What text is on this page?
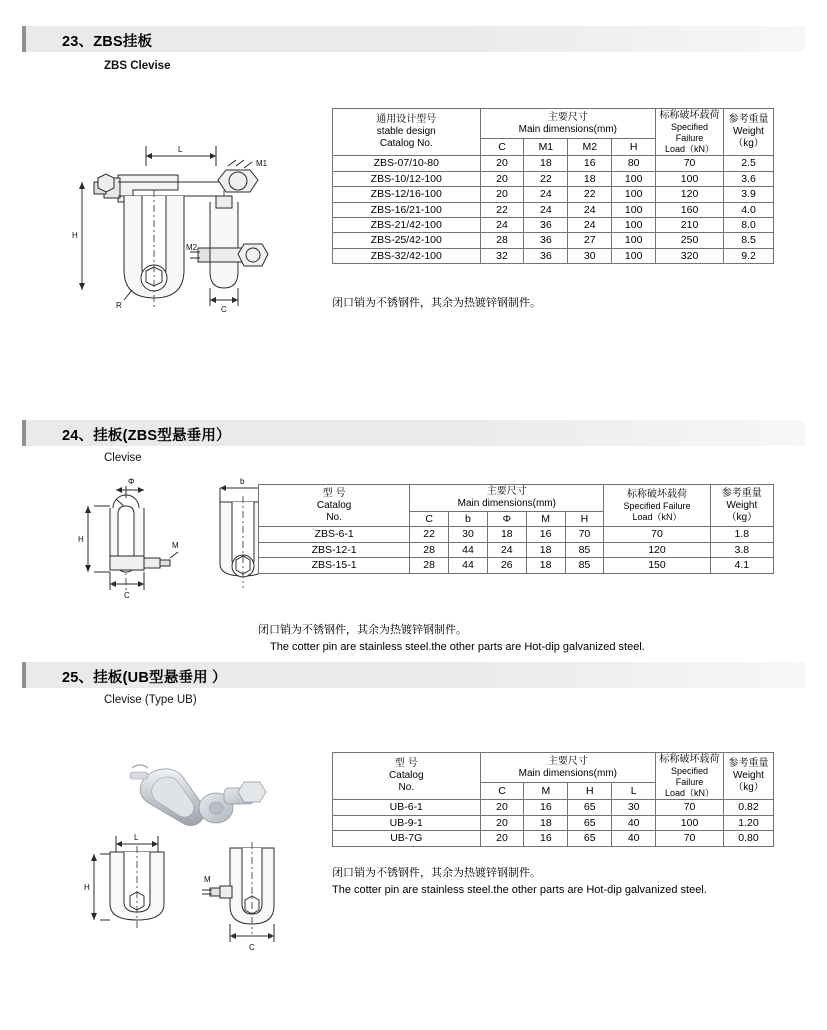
23、ZBS挂板
ZBS Clevise
L
M1
H
M2
R	C
通用设计型号
stable design
Catalog No.

主要尺寸
Main dimensions(mm)

标称破坏载荷
Specified Failure
Load（kN）

参考重量
Weight
（kg）

	C	M1	M2	H		
ZBS-07/10-80	20	18	16	80	70	2.5
ZBS-10/12-100	20	22	18	100	100	3.6
ZBS-12/16-100	20	24	22	100	120	3.9
ZBS-16/21-100	22	24	24	100	160	4.0
ZBS-21/42-100	24	36	24	100	210	8.0
ZBS-25/42-100	28	36	27	100	250	8.5
ZBS-32/42-100	32	36	30	100	320	9.2
闭口销为不锈钢件，其余为热镀锌钢制件。
24、挂板(ZBS型悬垂用）
Clevise
Φ	b
H
M
C
型 号
Catalog
No.

主要尺寸
Main dimensions(mm)

标称破坏载荷
Specified Failure
Load（kN）

参考重量
Weight
（kg）

	C	b	Φ	M	H		
ZBS-6-1	22	30	18	16	70	70	1.8
ZBS-12-1	28	44	24	18	85	120	3.8
ZBS-15-1	28	44	26	18	85	150	4.1
闭口销为不锈钢件，其余为热镀锌钢制件。
The cotter pin are stainless steel.the other parts are Hot-dip galvanized steel.
25、挂板(UB型悬垂用 ）
Clevise (Type UB)
L
H
M
C
型 号
Catalog
No.

主要尺寸
Main dimensions(mm)

标称破坏载荷
Specified Failure
Load（kN）

参考重量
Weight
（kg）

	C	M	H	L		
UB-6-1	20	16	65	30	70	0.82
UB-9-1	20	18	65	40	100	1.20
UB-7G	20	16	65	40	70	0.80
闭口销为不锈钢件，其余为热镀锌钢制件。
The cotter pin are stainless steel.the other parts are Hot-dip galvanized steel.
